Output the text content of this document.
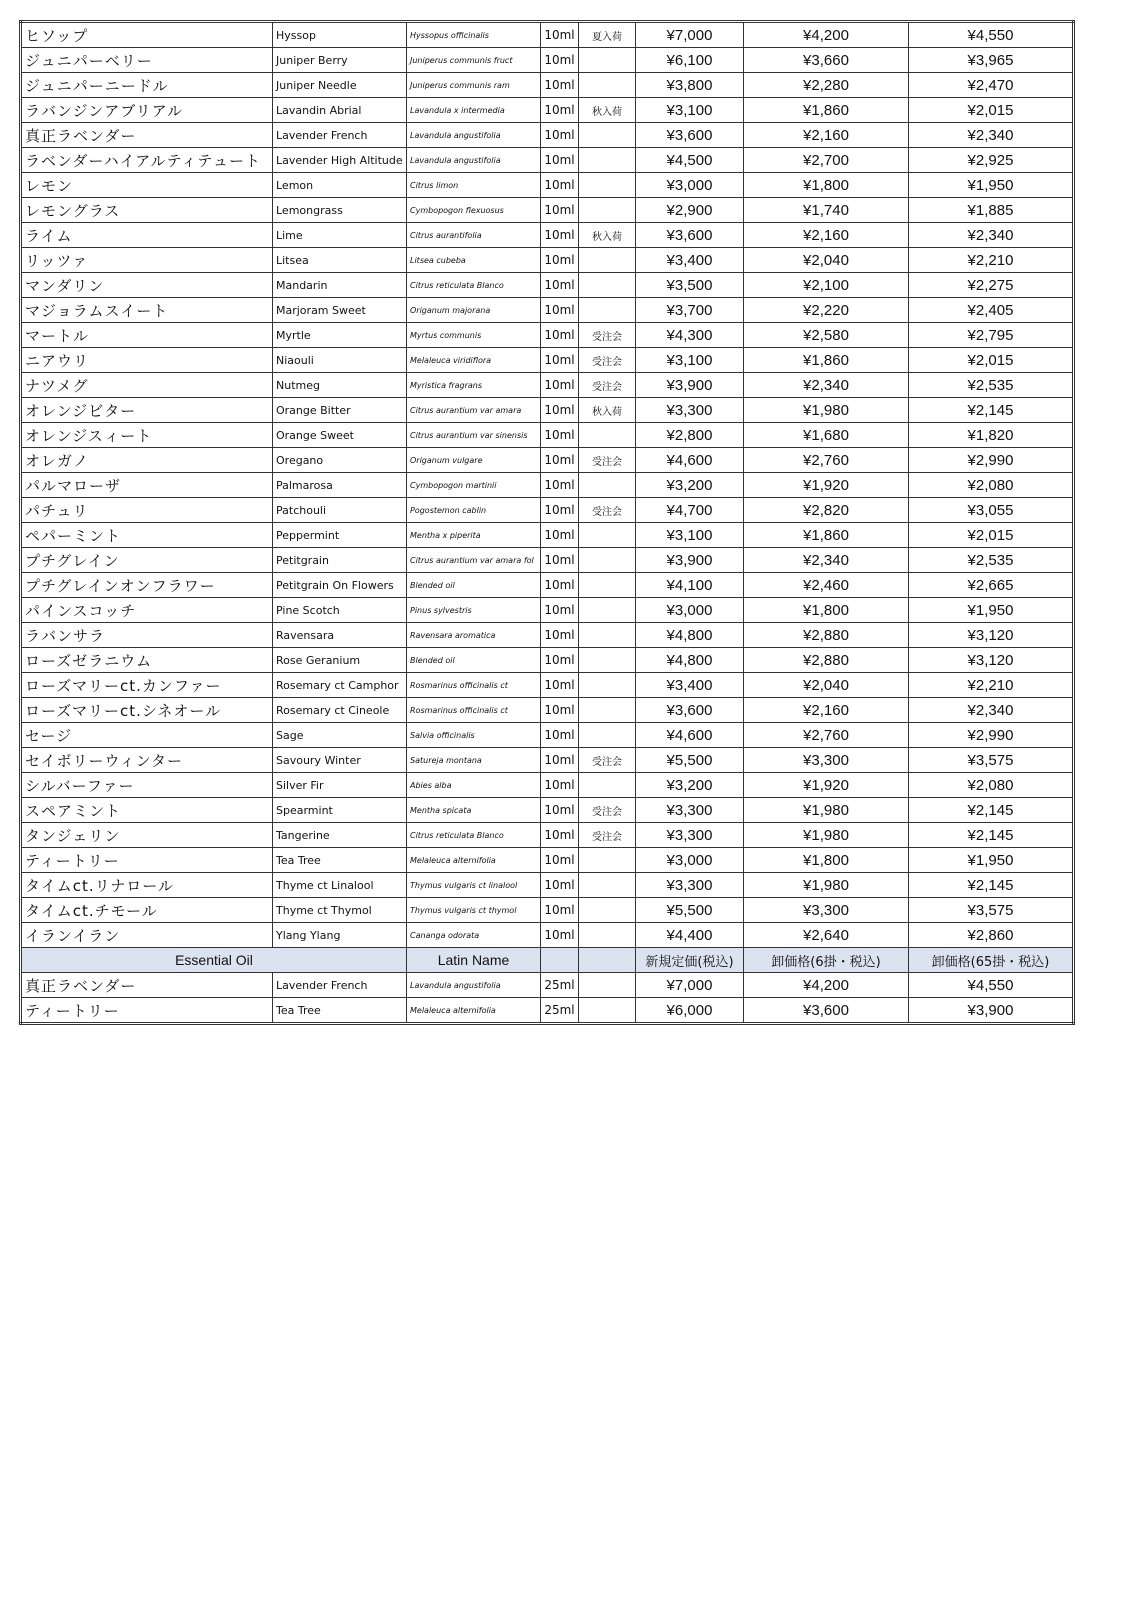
ヒソップ	Hyssop	Hyssopus officinalis	10ml	夏入荷	¥7,000	¥4,200	¥4,550
ジュニパーベリー	Juniper Berry	Juniperus communis fruct	10ml		¥6,100	¥3,660	¥3,965
ジュニパーニードル	Juniper Needle	Juniperus communis ram	10ml		¥3,800	¥2,280	¥2,470
ラバンジンアブリアル	Lavandin Abrial	Lavandula x intermedia	10ml	秋入荷	¥3,100	¥1,860	¥2,015
真正ラベンダー	Lavender French	Lavandula angustifolia	10ml		¥3,600	¥2,160	¥2,340
ラベンダーハイアルティテュート	Lavender High Altitude	Lavandula angustifolia	10ml		¥4,500	¥2,700	¥2,925
レモン	Lemon	Citrus limon	10ml		¥3,000	¥1,800	¥1,950
レモングラス	Lemongrass	Cymbopogon flexuosus	10ml		¥2,900	¥1,740	¥1,885
ライム	Lime	Citrus aurantifolia	10ml	秋入荷	¥3,600	¥2,160	¥2,340
リッツァ	Litsea	Litsea cubeba	10ml		¥3,400	¥2,040	¥2,210
マンダリン	Mandarin	Citrus reticulata Blanco	10ml		¥3,500	¥2,100	¥2,275
マジョラムスイート	Marjoram Sweet	Origanum majorana	10ml		¥3,700	¥2,220	¥2,405
マートル	Myrtle	Myrtus communis	10ml	受注会	¥4,300	¥2,580	¥2,795
ニアウリ	Niaouli	Melaleuca viridiflora	10ml	受注会	¥3,100	¥1,860	¥2,015
ナツメグ	Nutmeg	Myristica fragrans	10ml	受注会	¥3,900	¥2,340	¥2,535
オレンジビター	Orange Bitter	Citrus aurantium var amara	10ml	秋入荷	¥3,300	¥1,980	¥2,145
オレンジスィート	Orange Sweet	Citrus aurantium var sinensis	10ml		¥2,800	¥1,680	¥1,820
オレガノ	Oregano	Origanum vulgare	10ml	受注会	¥4,600	¥2,760	¥2,990
パルマローザ	Palmarosa	Cymbopogon martinii	10ml		¥3,200	¥1,920	¥2,080
パチュリ	Patchouli	Pogostemon cablin	10ml	受注会	¥4,700	¥2,820	¥3,055
ペパーミント	Peppermint	Mentha x piperita	10ml		¥3,100	¥1,860	¥2,015
プチグレイン	Petitgrain	Citrus aurantium var amara fol	10ml		¥3,900	¥2,340	¥2,535
プチグレインオンフラワー	Petitgrain On Flowers	Blended oil	10ml		¥4,100	¥2,460	¥2,665
パインスコッチ	Pine Scotch	Pinus sylvestris	10ml		¥3,000	¥1,800	¥1,950
ラバンサラ	Ravensara	Ravensara aromatica	10ml		¥4,800	¥2,880	¥3,120
ローズゼラニウム	Rose Geranium	Blended oil	10ml		¥4,800	¥2,880	¥3,120
ローズマリーct.カンファー	Rosemary ct Camphor	Rosmarinus officinalis ct	10ml		¥3,400	¥2,040	¥2,210
ローズマリーct.シネオール	Rosemary ct Cineole	Rosmarinus officinalis ct	10ml		¥3,600	¥2,160	¥2,340
セージ	Sage	Salvia officinalis	10ml		¥4,600	¥2,760	¥2,990
セイボリーウィンター	Savoury Winter	Satureja montana	10ml	受注会	¥5,500	¥3,300	¥3,575
シルバーファー	Silver Fir	Abies alba	10ml		¥3,200	¥1,920	¥2,080
スペアミント	Spearmint	Mentha spicata	10ml	受注会	¥3,300	¥1,980	¥2,145
タンジェリン	Tangerine	Citrus reticulata Blanco	10ml	受注会	¥3,300	¥1,980	¥2,145
ティートリー	Tea Tree	Melaleuca alternifolia	10ml		¥3,000	¥1,800	¥1,950
タイムct.リナロール	Thyme ct Linalool	Thymus vulgaris ct linalool	10ml		¥3,300	¥1,980	¥2,145
タイムct.チモール	Thyme ct Thymol	Thymus vulgaris ct thymol	10ml		¥5,500	¥3,300	¥3,575
イランイラン	Ylang Ylang	Cananga odorata	10ml		¥4,400	¥2,640	¥2,860
Essential Oil		Latin Name			新規定価(税込)	卸価格(6掛・税込)	卸価格(65掛・税込)
真正ラベンダー	Lavender French	Lavandula angustifolia	25ml		¥7,000	¥4,200	¥4,550
ティートリー	Tea Tree	Melaleuca alternifolia	25ml		¥6,000	¥3,600	¥3,900
